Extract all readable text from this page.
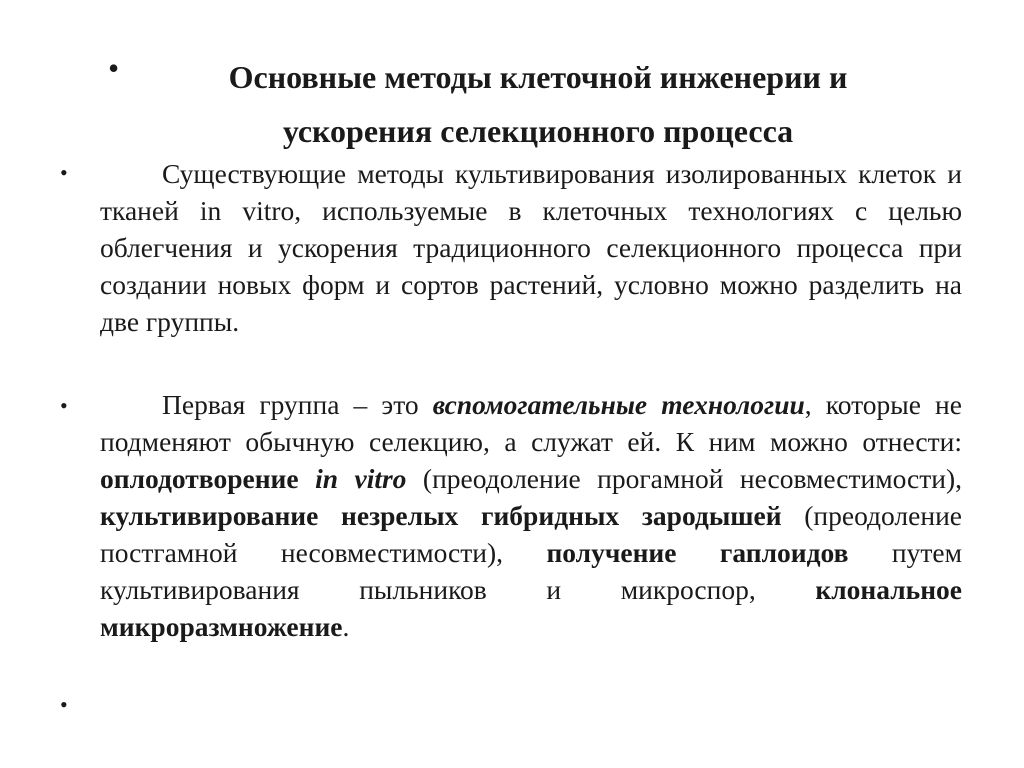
•	Основные методы клеточной инженерии и
ускорения селекционного процесса
•	Существующие методы культивирования изолированных клеток и тканей in vitro, используемые в клеточных технологиях с целью облегчения и ускорения традиционного селекционного процесса при создании новых форм и сортов растений, условно можно разделить на две группы.
•	Первая группа – это вспомогательные технологии, которые не подменяют обычную селекцию, а служат ей. К ним можно отнести: оплодотворение in vitro (преодоление прогамной несовместимости), культивирование незрелых гибридных зародышей (преодоление постгамной несовместимости), получение гаплоидов путем культивирования пыльников и микроспор, клональное микроразмножение.
•
